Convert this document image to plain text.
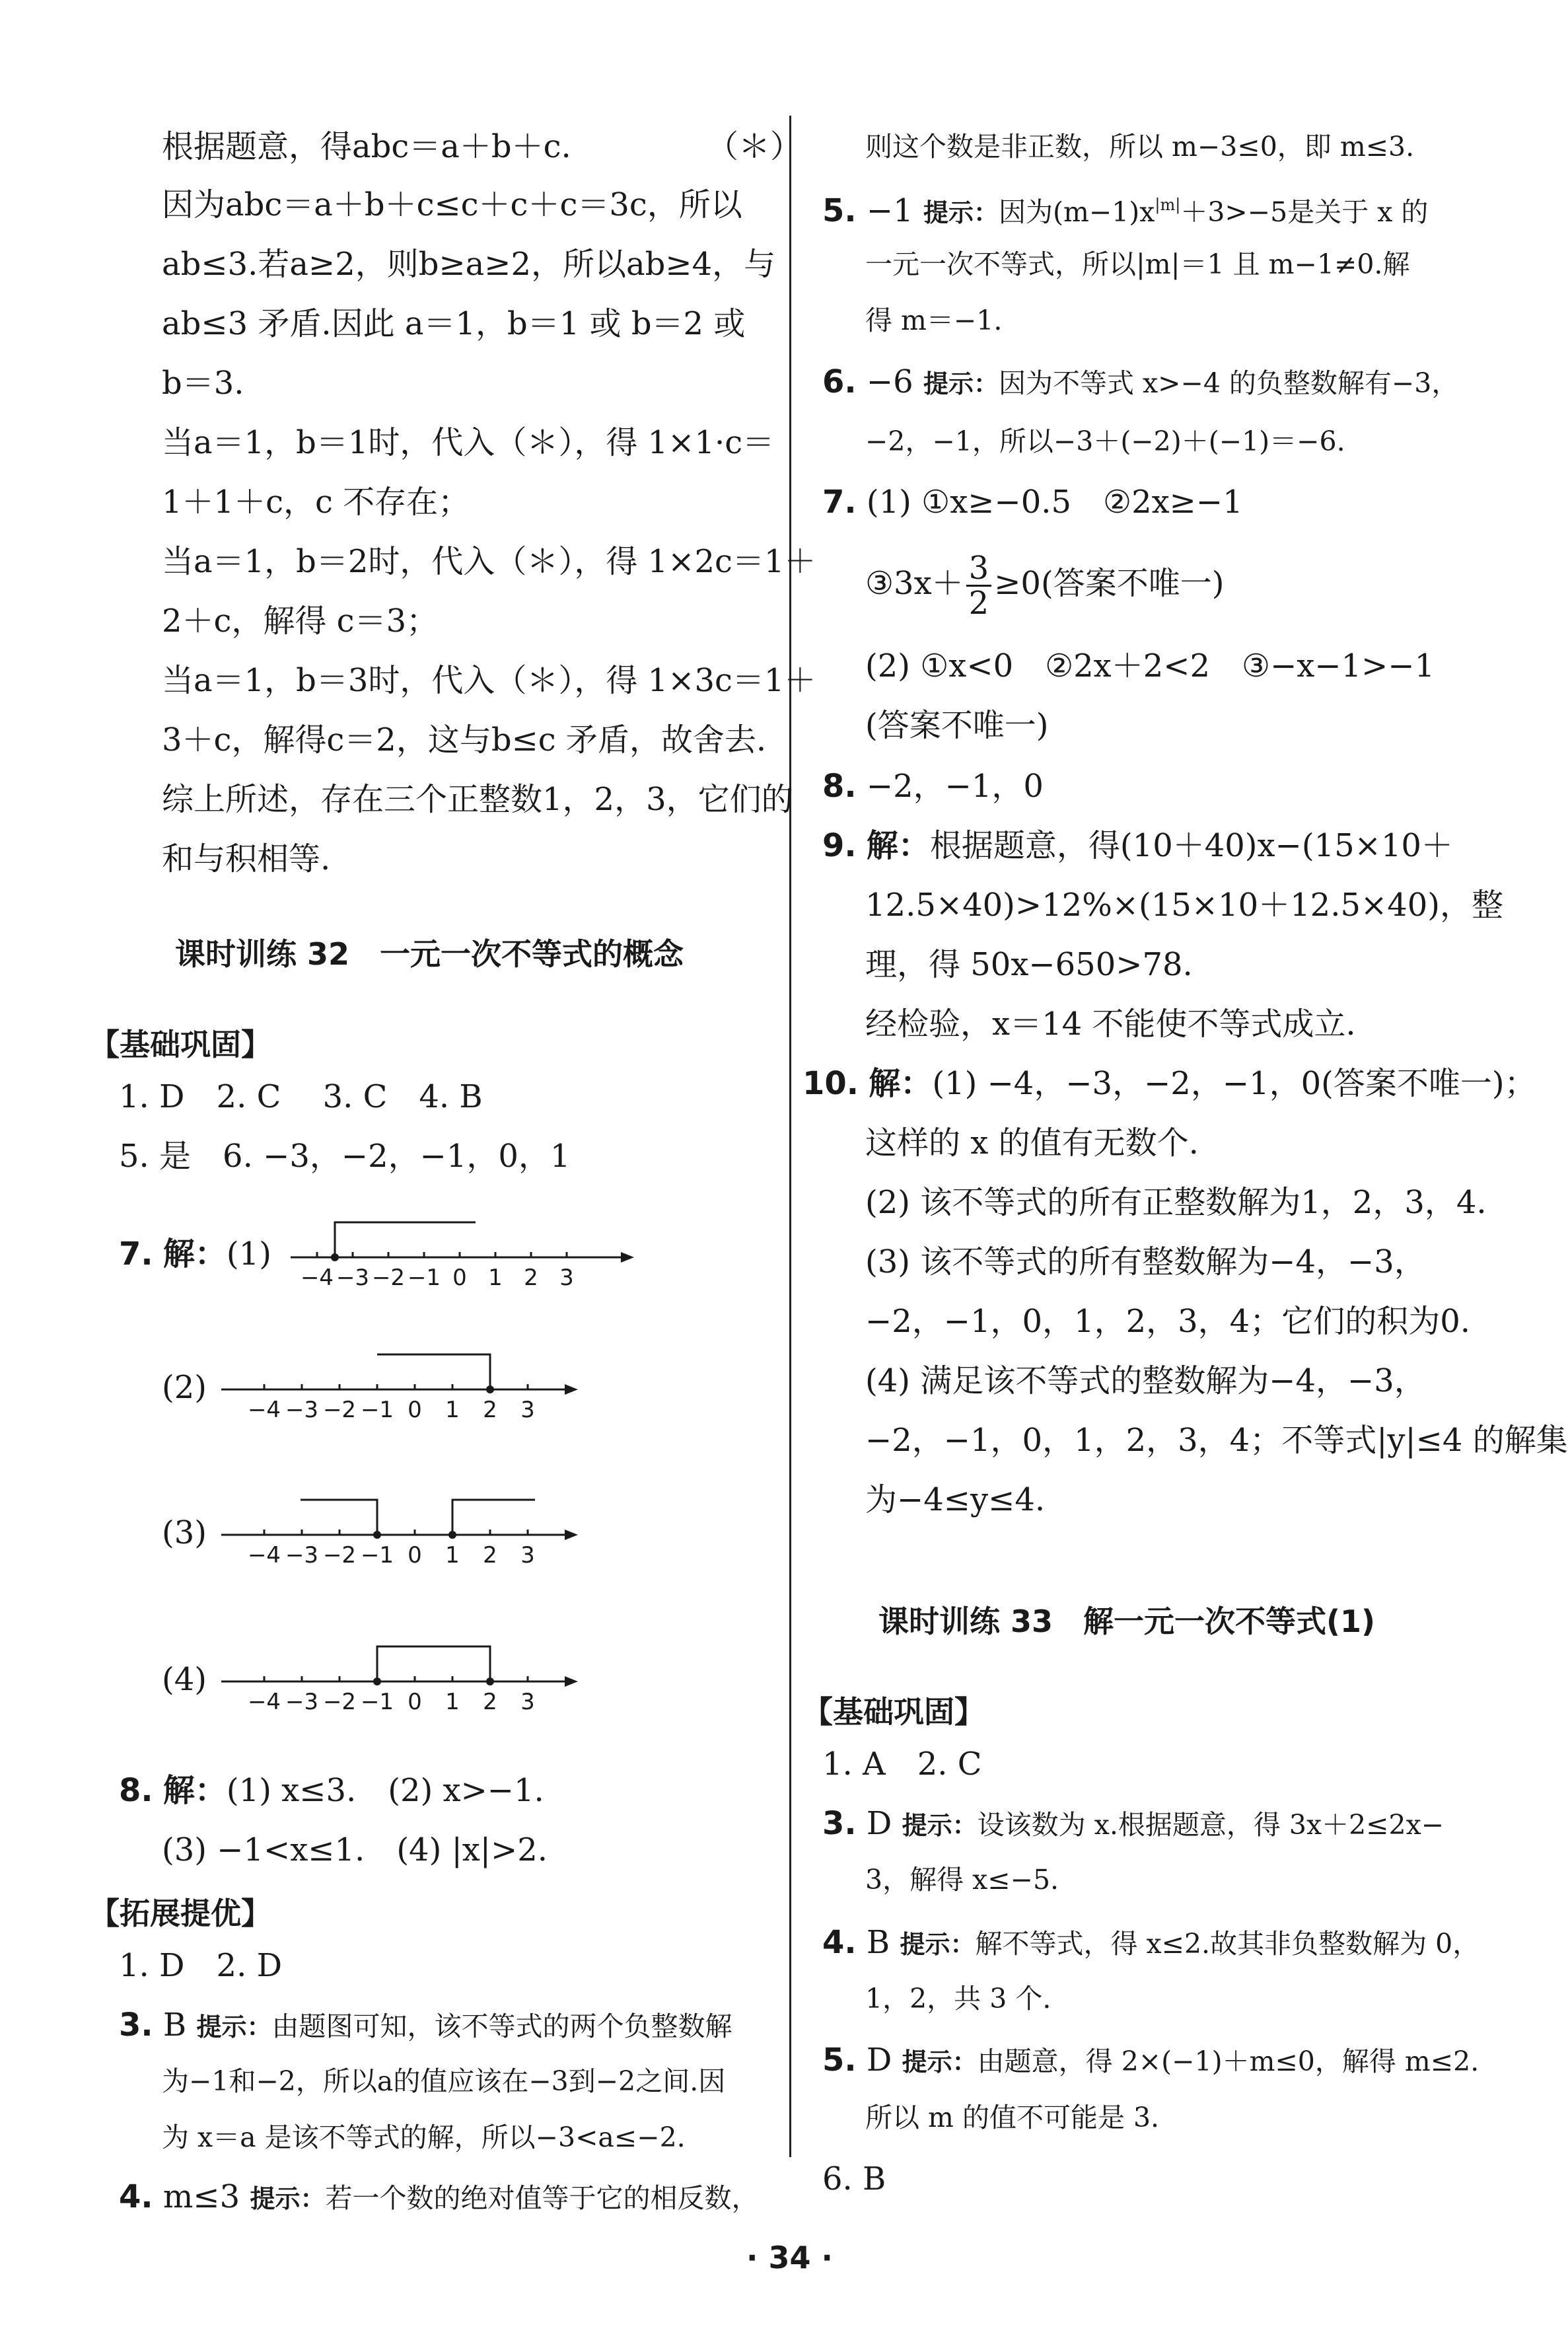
根据题意，得abc＝a＋b＋c.	（＊）
因为abc＝a＋b＋c≤c＋c＋c＝3c，所以
ab≤3.若a≥2，则b≥a≥2，所以ab≥4，与
ab≤3 矛盾.因此 a＝1，b＝1 或 b＝2 或
b＝3.
当a＝1，b＝1时，代入（＊），得 1×1·c＝
1＋1＋c，c 不存在；
当a＝1，b＝2时，代入（＊），得 1×2c＝1＋
2＋c，解得 c＝3；
当a＝1，b＝3时，代入（＊），得 1×3c＝1＋
3＋c，解得c＝2，这与b≤c 矛盾，故舍去.
综上所述，存在三个正整数1，2，3，它们的
和与积相等.
课时训练 32　一元一次不等式的概念
【基础巩固】
1. D　2. C　 3. C　4. B
5. 是　6. −3，−2，−1，0，1
7. 解：(1)
−4 −3 −2 −1 0 1 2 3
(2)
−4 −3 −2 −1 0 1 2 3
(3)
−4 −3 −2 −1 0 1 2 3
(4)
−4 −3 −2 −1 0 1 2 3
8. 解：(1) x≤3.　(2) x>−1.
(3) −1<x≤1.　(4) |x|>2.
【拓展提优】
1. D　2. D
3. B 提示：由题图可知，该不等式的两个负整数解
为−1和−2，所以a的值应该在−3到−2之间.因
为 x＝a 是该不等式的解，所以−3<a≤−2.
4. m≤3 提示：若一个数的绝对值等于它的相反数，
则这个数是非正数，所以 m−3≤0，即 m≤3.
5. −1 提示：因为$(m-1)x^{|m|}+3>-5$是关于 x 的
一元一次不等式，所以|m|＝1 且 m−1≠0.解
得 m＝−1.
6. −6 提示：因为不等式 x>−4 的负整数解有−3，
−2，−1，所以−3＋(−2)＋(−1)＝−6.
7. (1) ①x≥−0.5　②2x≥−1
③3x＋ $\frac{3}{2} \ge 0$(答案不唯一)
(2) ①x<0　②2x＋2<2　③−x−1>−1
(答案不唯一)
8. −2，−1，0
9. 解：根据题意，得(10＋40)x−(15×10＋
12.5×40)>12%×(15×10＋12.5×40)，整
理，得 50x−650>78.
经检验，x＝14 不能使不等式成立.
10. 解：(1) −4，−3，−2，−1，0(答案不唯一)；
这样的 x 的值有无数个.
(2) 该不等式的所有正整数解为1，2，3，4.
(3) 该不等式的所有整数解为−4，−3，
−2，−1，0，1，2，3，4；它们的积为0.
(4) 满足该不等式的整数解为−4，−3，
−2，−1，0，1，2，3，4；不等式|y|≤4 的解集
为−4≤y≤4.
课时训练 33　解一元一次不等式(1)
【基础巩固】
1. A　2. C
3. D 提示：设该数为 x.根据题意，得 3x＋2≤2x−
3，解得 x≤−5.
4. B 提示：解不等式，得 x≤2.故其非负整数解为 0，
1，2，共 3 个.
5. D 提示：由题意，得 2×(−1)＋m≤0，解得 m≤2.
所以 m 的值不可能是 3.
6. B
· 34 ·
